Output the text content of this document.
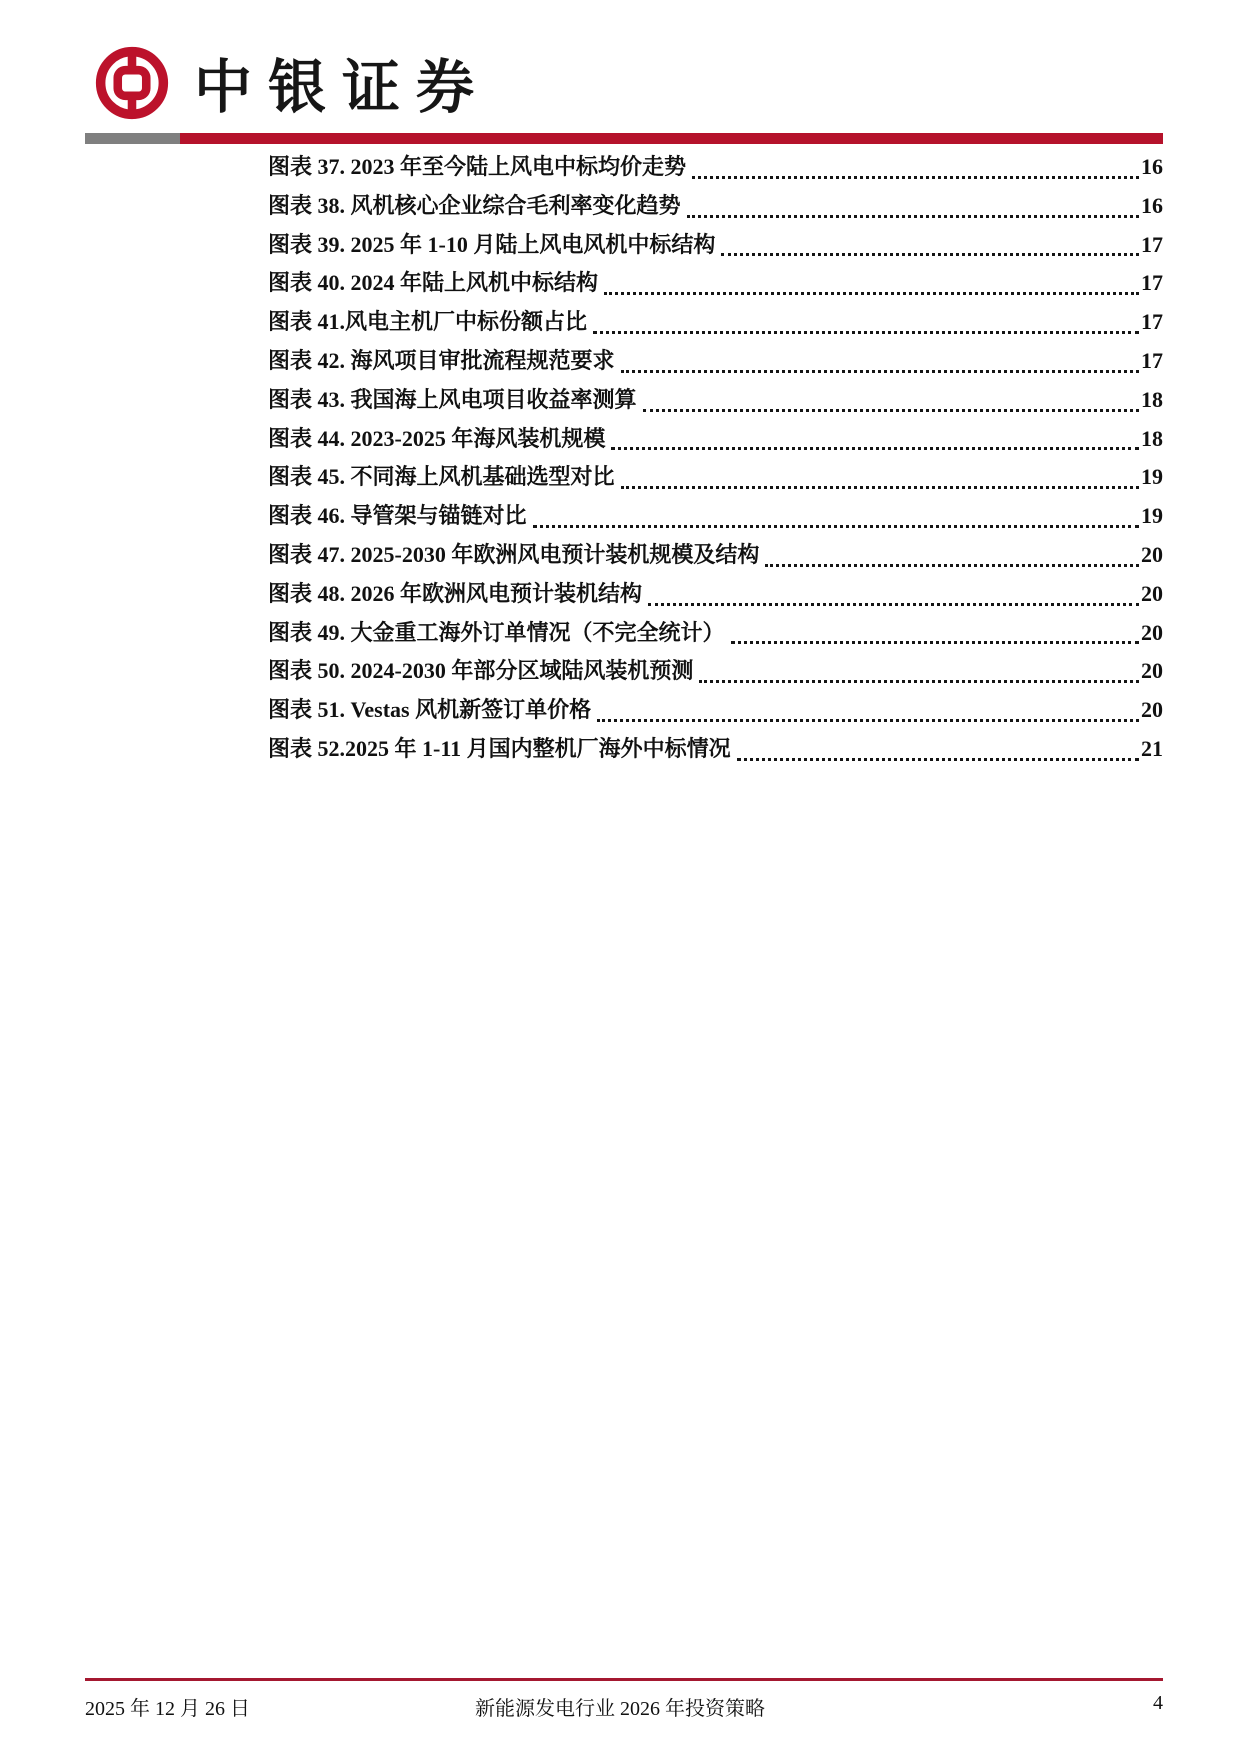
中银证券
图表 37. 2023 年至今陆上风电中标均价走势	16
图表 38. 风机核心企业综合毛利率变化趋势	16
图表 39. 2025 年 1-10 月陆上风电风机中标结构	17
图表 40. 2024 年陆上风机中标结构	17
图表 41.风电主机厂中标份额占比	17
图表 42. 海风项目审批流程规范要求	17
图表 43. 我国海上风电项目收益率测算	18
图表 44. 2023-2025 年海风装机规模	18
图表 45. 不同海上风机基础选型对比	19
图表 46. 导管架与锚链对比	19
图表 47. 2025-2030 年欧洲风电预计装机规模及结构	20
图表 48. 2026 年欧洲风电预计装机结构	20
图表 49. 大金重工海外订单情况（不完全统计）	20
图表 50. 2024-2030 年部分区域陆风装机预测	20
图表 51. Vestas 风机新签订单价格	20
图表 52.2025 年 1-11 月国内整机厂海外中标情况	21
2025 年 12 月 26 日	新能源发电行业 2026 年投资策略	4
